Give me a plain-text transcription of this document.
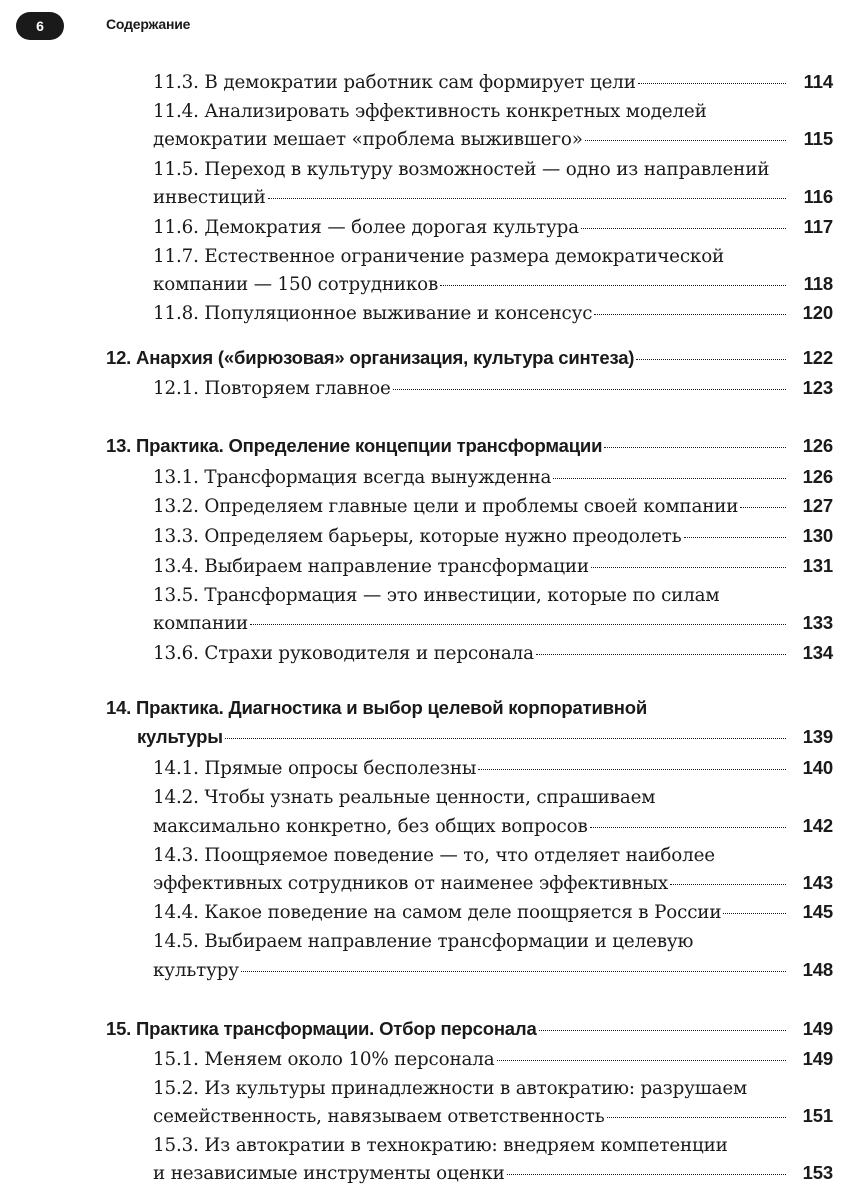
6	Содержание
11.3. В демократии работник сам формирует цели	114
11.4. Анализировать эффективность конкретных моделей
демократии мешает «проблема выжившего»	115
11.5. Переход в культуру возможностей — одно из направлений
инвестиций	116
11.6. Демократия — более дорогая культура	117
11.7. Естественное ограничение размера демократической
компании — 150 сотрудников	118
11.8. Популяционное выживание и консенсус	120
12. Анархия («бирюзовая» организация, культура синтеза)	122
12.1. Повторяем главное	123
13. Практика. Определение концепции трансформации	126
13.1. Трансформация всегда вынужденна	126
13.2. Определяем главные цели и проблемы своей компании	127
13.3. Определяем барьеры, которые нужно преодолеть	130
13.4. Выбираем направление трансформации	131
13.5. Трансформация — это инвестиции, которые по силам
компании	133
13.6. Страхи руководителя и персонала	134
14. Практика. Диагностика и выбор целевой корпоративной
культуры	139
14.1. Прямые опросы бесполезны	140
14.2. Чтобы узнать реальные ценности, спрашиваем
максимально конкретно, без общих вопросов	142
14.3. Поощряемое поведение — то, что отделяет наиболее
эффективных сотрудников от наименее эффективных	143
14.4. Какое поведение на самом деле поощряется в России	145
14.5. Выбираем направление трансформации и целевую
культуру	148
15. Практика трансформации. Отбор персонала	149
15.1. Меняем около 10% персонала	149
15.2. Из культуры принадлежности в автократию: разрушаем
семейственность, навязываем ответственность	151
15.3. Из автократии в технократию: внедряем компетенции
и независимые инструменты оценки	153
